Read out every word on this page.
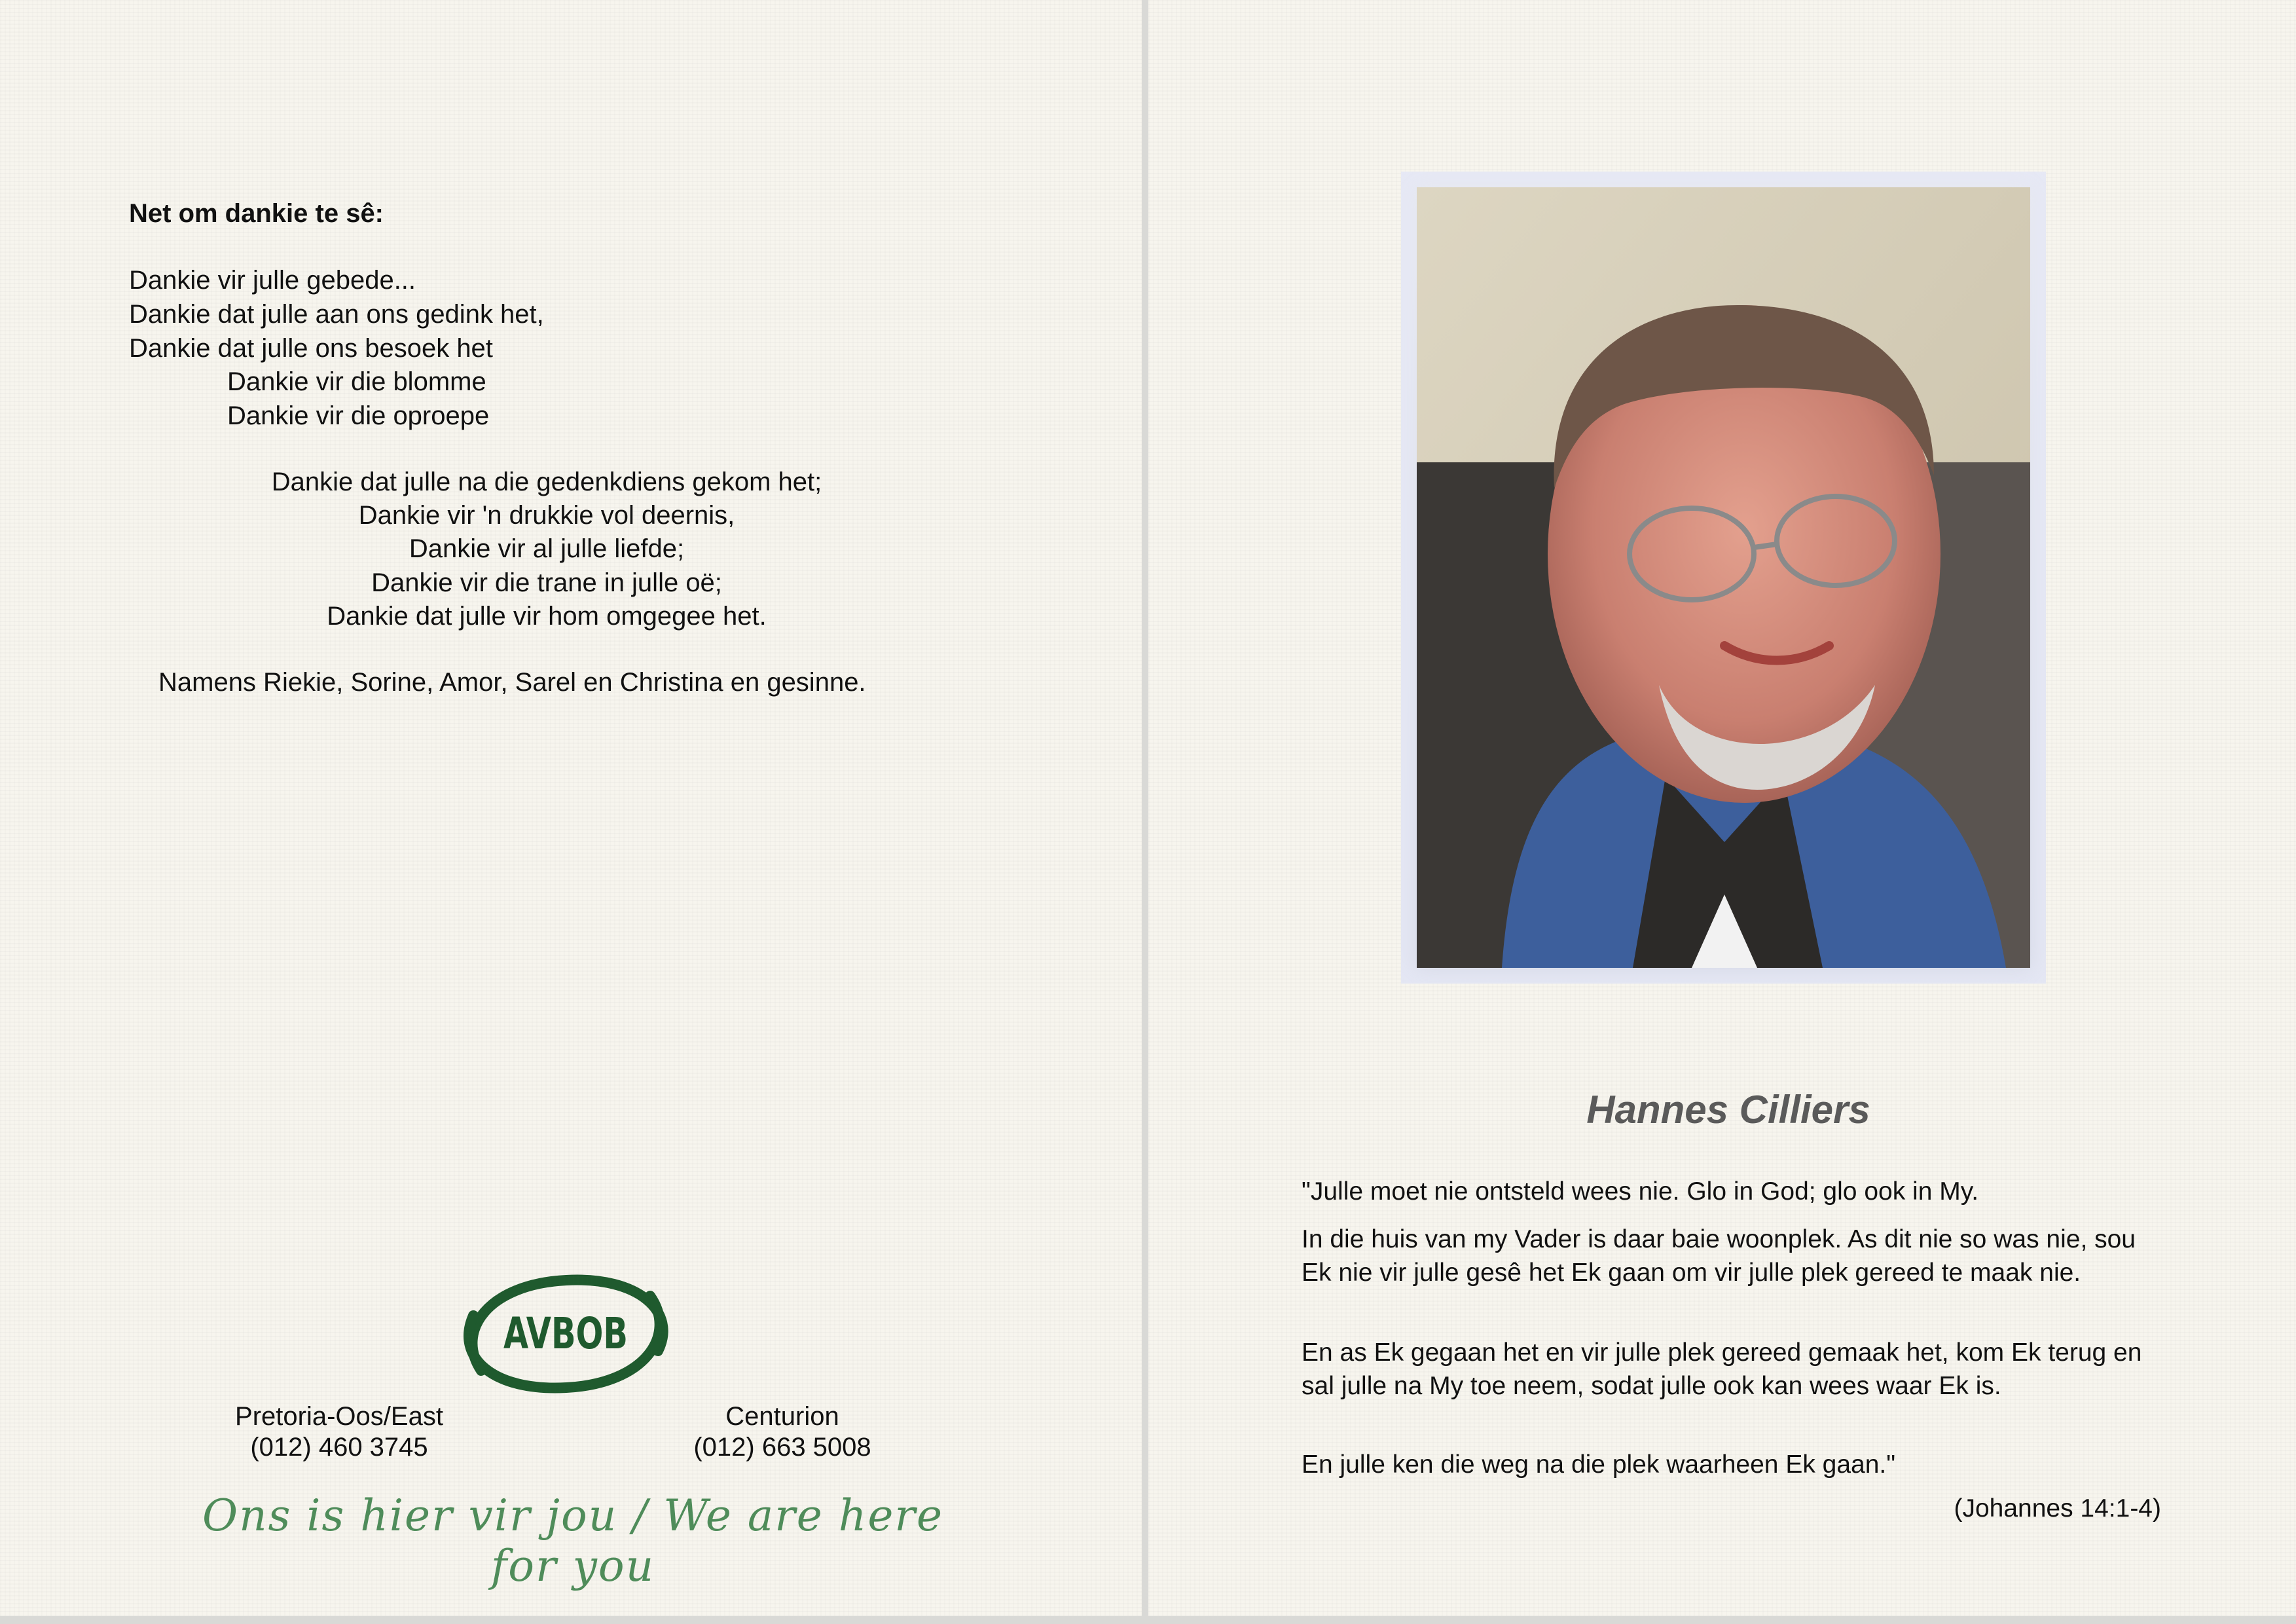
Net om dankie te sê:
Dankie vir julle gebede...
Dankie dat julle aan ons gedink het,
Dankie dat julle ons besoek het
Dankie vir die blomme
Dankie vir die oproepe
Dankie dat julle na die gedenkdiens gekom het;
Dankie vir 'n drukkie vol deernis,
Dankie vir al julle liefde;
Dankie vir die trane in julle oë;
Dankie dat julle vir hom omgegee het.
Namens Riekie, Sorine, Amor, Sarel en Christina en gesinne.
AVBOB
Pretoria-Oos/East
(012) 460 3745
Centurion
(012) 663 5008
Ons is hier vir jou / We are here for you
Hannes Cilliers
"Julle moet nie ontsteld wees nie. Glo in God; glo ook in My.
In die huis van my Vader is daar baie woonplek. As dit nie so was nie, sou Ek nie vir julle gesê het Ek gaan om vir julle plek gereed te maak nie.
En as Ek gegaan het en vir julle plek gereed gemaak het, kom Ek terug en sal julle na My toe neem, sodat julle ook kan wees waar Ek is.
En julle ken die weg na die plek waarheen Ek gaan."
(Johannes 14:1-4)
